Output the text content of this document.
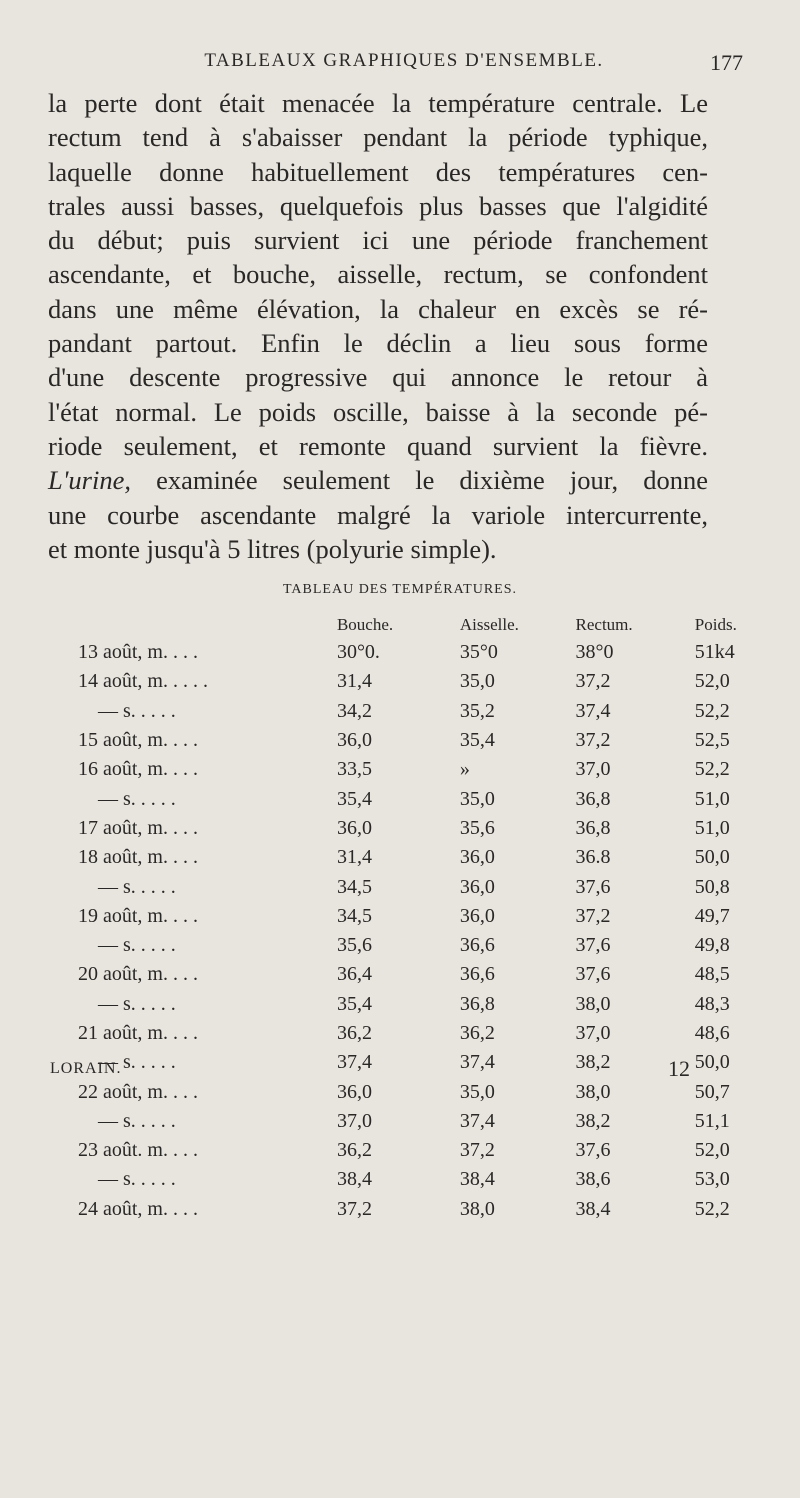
TABLEAUX GRAPHIQUES D'ENSEMBLE.	177
la perte dont était menacée la température centrale. Le
rectum tend à s'abaisser pendant la période typhique,
laquelle donne habituellement des températures cen-
trales aussi basses, quelquefois plus basses que l'algidité
du début; puis survient ici une période franchement
ascendante, et bouche, aisselle, rectum, se confondent
dans une même élévation, la chaleur en excès se ré-
pandant partout. Enfin le déclin a lieu sous forme
d'une descente progressive qui annonce le retour à
l'état normal. Le poids oscille, baisse à la seconde pé-
riode seulement, et remonte quand survient la fièvre.
L'urine, examinée seulement le dixième jour, donne
une courbe ascendante malgré la variole intercurrente,
et monte jusqu'à 5 litres (polyurie simple).
TABLEAU DES TEMPÉRATURES.
	Bouche.	Aisselle.	Rectum.	Poids.
13 août, m. . . .	30°0.	35°0	38°0	51k4
14 août, m. . . . .	31,4	35,0	37,2	52,0
— s. . . . .	34,2	35,2	37,4	52,2
15 août, m. . . .	36,0	35,4	37,2	52,5
16 août, m. . . .	33,5	»	37,0	52,2
— s. . . . .	35,4	35,0	36,8	51,0
17 août, m. . . .	36,0	35,6	36,8	51,0
18 août, m. . . .	31,4	36,0	36.8	50,0
— s. . . . .	34,5	36,0	37,6	50,8
19 août, m. . . .	34,5	36,0	37,2	49,7
— s. . . . .	35,6	36,6	37,6	49,8
20 août, m. . . .	36,4	36,6	37,6	48,5
— s. . . . .	35,4	36,8	38,0	48,3
21 août, m. . . .	36,2	36,2	37,0	48,6
— s. . . . .	37,4	37,4	38,2	50,0
22 août, m. . . .	36,0	35,0	38,0	50,7
— s. . . . .	37,0	37,4	38,2	51,1
23 août. m. . . .	36,2	37,2	37,6	52,0
— s. . . . .	38,4	38,4	38,6	53,0
24 août, m. . . .	37,2	38,0	38,4	52,2
LORAIN.	12
